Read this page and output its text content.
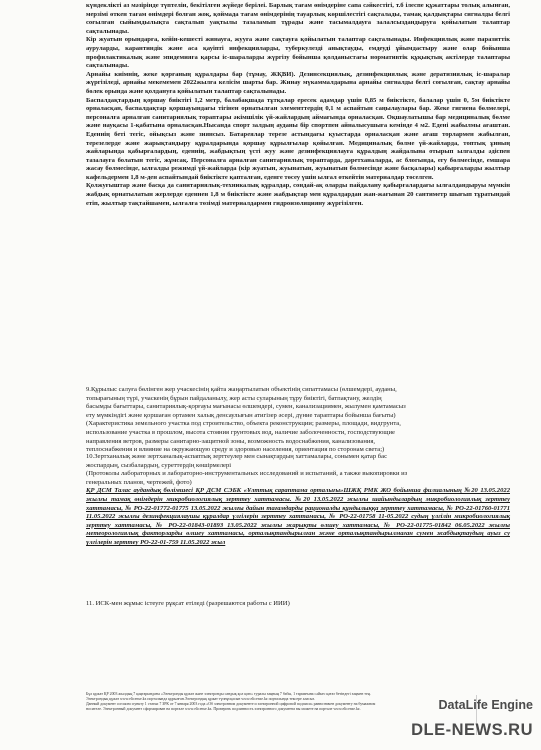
күндеклікті аз мәзірінде түптелін, бекітілген жүйеде берілеі. Барлық тағам өнімдеріне сапа сәйкестігі, т.б ілеспе құжаттары толық алынған, мерзімі өткен тағам өнімдері болған жоқ, қоймада тағам өнімдерінің тауарлық көршілестігі сақталады, тамақ қалдықтары сигналды белгі соғылған сыйымдылықта сақталып уақтылы тазаламып тұрады және тасымалдауға залалсыздандыруға қойылатын талаптар сақталынады.

Кір жуатын орындарға, кейін-кешесті жинауға, жууға және сақтауға қойылатын талаптар сақталынады. Инфекциялық және паразиттік ауруларды, карантиндік және аса қауіпті инфекцияларды, туберкулезді анықтауды, емдеуді ұйымдастыру және олар бойынша профилактикалық және эпидемияға қарсы іс-шараларды жүргізу бойынша қолданыстағы нормативтік құқықтық актілерде талаптары сақталынады.

Арнайы киімнің, жеке қорғаның құралдары бар (тұмау, ЖҚВИ). Дезинсекциялық, дезинфекциялық және дератизиялық іс-шаралар жүргізіледі, арнайы мекемемен 2022жылға келісім шарты бар. Жинау мүкаммалдарына арнайы сигналды белгі соғылған, сақтау арнайы бөлек орында және қолдануға қойылатын талаптар сақталынады.

Баспалдақтардың қоршау биіктігі 1,2 метр, балабақшада тұтқалар ересек адамдар үшін 0,85 м биіктікте, балалар үшін 0, 5м биіктікте орналасқан, баспалдақтар қоршауындағы тігінен орнатылған элементтердің 0,1 м аспайтын саңылаулары бар. Жеке гигиена бөлмелері, персоналға арналған санитариялық тораптары әкімшілік үй-жайлардың аймағында орналасқан. Оқшаулатышы бар медициналық бөлме және науқасы 1-қабатына орналасқан.Нысанда спорт залдың ауданы бір спортпен айналысушыға кемінде 4 м2. Едені жабылмы ағаштан. Еденнің беті тегіс, ойықсыз және зиянсыз. Батареялар терезе астындағы қуыстарда орналасқан және ағаш торлармен жабылған, терезелерде және жарықтандыру құралдарында қоршау құрылғылар қойылған. Медициналық бөлме үй-жайларда, топтық ұнның жайларында қабырғалардың, еденнің, жабдықтың үсті жуу және дезинфекциялауға құралдың жайдалына отырып ылғалды әдіспен тазалауға болатын тегіс, жұмсақ. Персоналға арналған санитариялық тораптарда, дәретханаларда, ас блогында, егу бөлмесінде, емшара жасау бөлмесінде, ылғалды режимді үй-жайларда (кір жуатын, жуынатын, жуынатын бөлмесінде және басқалары) қабырғаларды жылтыр кафельдермен 1,8 м-ден аспайтындай биіктікте қапталған, еденге төсеу үшін ылғал өткейтін материалдар төселген.

Қолжуғыштар және басқа да санитариялық-техникалық құралдар, сондай-ақ оларды пайдалану қабырғалардағы ылғалдандыруы мүмкін жабдық орнатылатын жерлерде еденнен 1,8 м биіктікте және жабдықтар мен құралдардан жан-жағынан 20 сантиметр шығып тұратындай етіп, жылтыр тақтайшамен, ылғалға төзімді материалдармен гидроизоляцияну жүргізілген.

9.Құрылыс салуға бөлінген жер учаскесінің қайта жаңартылатын объектінің сипаттамасы (өлшемдері, ауданы,

топырағының түрі, учаскенің бұрын пайдаланылу, жер асты суларының тұру биіктігі, батпақтану, желдің

басымды бағыттары, санитариялық-қорғауы мағынасы өлшемдері, сумен, канализациямен, жылумен қамтамасыз

ету мүмкіндігі және қоршаған ортамен халық денсаулығын атигізер әсері, дүние тараптары бойынша бағыты)

(Характеристика земельного участка под строительство, объекта реконструкции; размеры, площади, видгрунта,

использование участка в прошлом, высота стояния грунтовых вод, наличие заболоченности, господствующие

направления ветров, размеры санитарно-защитной зоны, возможность водоснабжения, канализования,

теплоснабжения и влияние на окружающую среду и здоровью населения, ориентация по сторонам света;)

10.Зертханалық және зертханалық-аспаптық зерттеулер мен сынақтардың хаттамалары, сонымен қатар бас

жоспардың, сызбалардың, суреттердің көшірмелері

(Протоколы лабораторных и лабораторно-инструментальных исследований и испытаний, а также выкопировки из

генеральных планов, чертежей, фото)

ҚР ДСМ Талас аудандық бөлімшесі ҚР ДСМ СЭБК «Ұлттық сараптама орталығы»ШЖҚ РМК ЖО бойынша филиалының №20 13.05.2022 жылғы тамақ өнімдерін микробиологиялық зерттеу хаттамасы. №20 13.05.2022 жылғы шайындылардың микробиологиялық зерттеу хаттамасы, № РО-22-01772-01775 13.05.2022 жылғы дайын тағамдарды рационалды құндылыққа зерттеу хаттамасы, № РО-22-01760-01771 11.05.2022 жылғы дезинфекциялаушы құралдар үлгілерін зерттеу хаттамасы, № РО-22-01758 11-05.2022 судың үлгілін микробиологиялық зерттеу хаттамасы, № РО-22-01843-01893 13.05.2022 жылғы жарықты өлшеу хаттамасы, № РО-22-01775-01842 06.05.2022 жылғы метеорологиялық факторларды өлшеу хаттамасы, орталықтандырылған және орталықтандырылмаған сумен жабдықтаудың ауыз су үлгілерін зерттеу РО-22-01-759 11.05.2022 жыл

11. ИСК-мен жұмыс істеуге рұқсат етіледі (разрешаются работы с ИИИ)

Бұл құжат ҚР 2003 жылдың 7 қаңтарындағы «Электронды құжат және электронды сандық қол қою» туралы заңның 7 бабы, 1 тармағына сәйкес қағаз бетіндегі заңмен тең.

Электрондық құжат www.elicense.kz порталында құрылған.Электрондық құжат түпнұсқасын www.elicense.kz порталында тексере аласыз.

Данный документ согласно пункту 1 статьи 7 ЗРК от 7 января 2003 года «Об электронном документе и электронной цифровой подписи» равнозначен документу на бумажном

носителе. Электронный документ сформирован на портале www.elicense.kz. Проверить подлинность электронного документа вы можете на портале www.elicense.kz.	DataLife Engine
DLE-NEWS.RU
